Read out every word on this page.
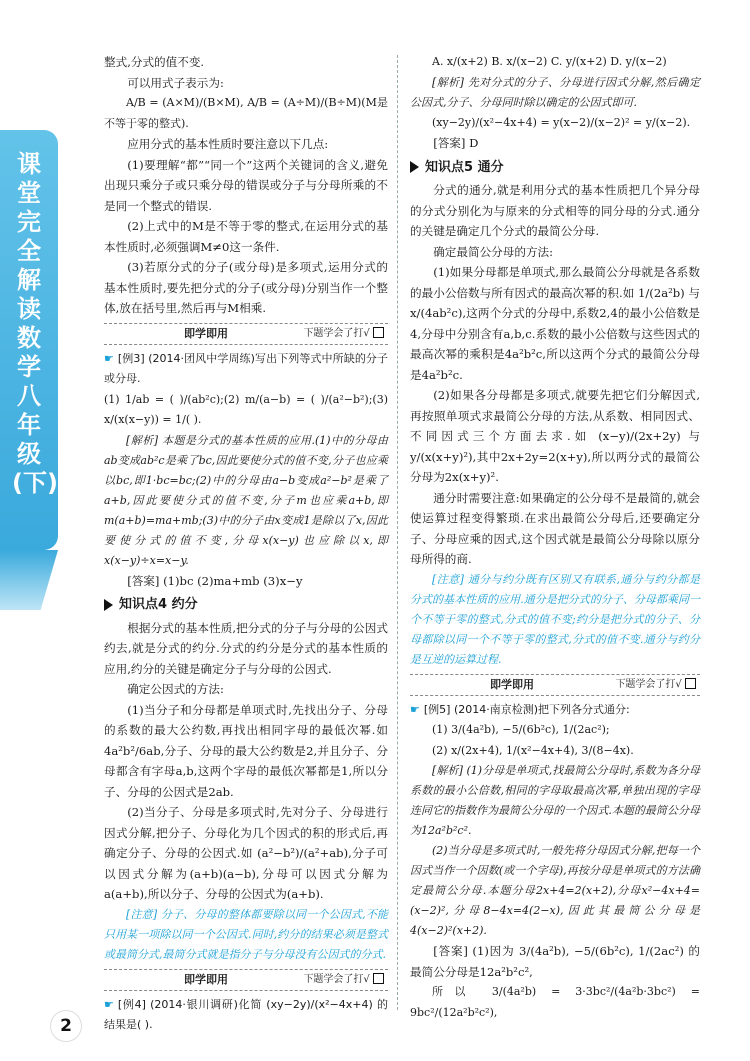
课堂完全解读 数学 八年级(下)
2

整式,分式的值不变.

可以用式子表示为:

A/B = (A×M)/(B×M), A/B = (A÷M)/(B÷M)(M是不等于零的整式).

应用分式的基本性质时要注意以下几点:

(1)要理解“都”“同一个”这两个关键词的含义,避免出现只乘分子或只乘分母的错误或分子与分母所乘的不是同一个整式的错误.

(2)上式中的M是不等于零的整式,在运用分式的基本性质时,必须强调M≠0这一条件.

(3)若原分式的分子(或分母)是多项式,运用分式的基本性质时,要先把分式的分子(或分母)分别当作一个整体,放在括号里,然后再与M相乘.

即学即用	下题学会了打√

☛ [例3] (2014·团风中学周练)写出下列等式中所缺的分子或分母.

(1) 1/ab = ( )/(ab²c);(2) m/(a−b) = ( )/(a²−b²);(3) x/(x(x−y)) = 1/( ).

[解析] 本题是分式的基本性质的应用.(1)中的分母由ab变成ab²c是乘了bc,因此要使分式的值不变,分子也应乘以bc,即1·bc=bc;(2)中的分母由a−b变成a²−b²是乘了a+b,因此要使分式的值不变,分子m也应乘a+b,即m(a+b)=ma+mb;(3)中的分子由x变成1是除以了x,因此要使分式的值不变,分母x(x−y)也应除以x,即x(x−y)÷x=x−y.

[答案] (1)bc (2)ma+mb (3)x−y

知识点4 约分

根据分式的基本性质,把分式的分子与分母的公因式约去,就是分式的约分.分式的约分是分式的基本性质的应用,约分的关键是确定分子与分母的公因式.

确定公因式的方法:

(1)当分子和分母都是单项式时,先找出分子、分母的系数的最大公约数,再找出相同字母的最低次幂.如 4a²b²/6ab,分子、分母的最大公约数是2,并且分子、分母都含有字母a,b,这两个字母的最低次幂都是1,所以分子、分母的公因式是2ab.

(2)当分子、分母是多项式时,先对分子、分母进行因式分解,把分子、分母化为几个因式的积的形式后,再确定分子、分母的公因式.如 (a²−b²)/(a²+ab),分子可以因式分解为(a+b)(a−b),分母可以因式分解为a(a+b),所以分子、分母的公因式为(a+b).

[注意] 分子、分母的整体都要除以同一个公因式,不能只用某一项除以同一个公因式.同时,约分的结果必须是整式或最简分式,最简分式就是指分子与分母没有公因式的分式.

即学即用	下题学会了打√

☛ [例4] (2014·银川调研)化简 (xy−2y)/(x²−4x+4) 的结果是( ).

A. x/(x+2) B. x/(x−2) C. y/(x+2) D. y/(x−2)

[解析] 先对分式的分子、分母进行因式分解,然后确定公因式,分子、分母同时除以确定的公因式即可.

(xy−2y)/(x²−4x+4) = y(x−2)/(x−2)² = y/(x−2).

[答案] D

知识点5 通分

分式的通分,就是利用分式的基本性质把几个异分母的分式分别化为与原来的分式相等的同分母的分式.通分的关键是确定几个分式的最简公分母.

确定最简公分母的方法:

(1)如果分母都是单项式,那么最简公分母就是各系数的最小公倍数与所有因式的最高次幂的积.如 1/(2a²b) 与 x/(4ab²c),这两个分式的分母中,系数2,4的最小公倍数是4,分母中分别含有a,b,c.系数的最小公倍数与这些因式的最高次幂的乘积是4a²b²c,所以这两个分式的最简公分母是4a²b²c.

(2)如果各分母都是多项式,就要先把它们分解因式,再按照单项式求最简公分母的方法,从系数、相同因式、不同因式三个方面去求.如 (x−y)/(2x+2y) 与 y/(x(x+y)²),其中2x+2y=2(x+y),所以两分式的最简公分母为2x(x+y)².

通分时需要注意:如果确定的公分母不是最简的,就会使运算过程变得繁琐.在求出最简公分母后,还要确定分子、分母应乘的因式,这个因式就是最简公分母除以原分母所得的商.

[注意] 通分与约分既有区别又有联系,通分与约分都是分式的基本性质的应用.通分是把分式的分子、分母都乘同一个不等于零的整式,分式的值不变;约分是把分式的分子、分母都除以同一个不等于零的整式,分式的值不变.通分与约分是互逆的运算过程.

即学即用	下题学会了打√

☛ [例5] (2014·南京检测)把下列各分式通分:

(1) 3/(4a²b), −5/(6b²c), 1/(2ac²);

(2) x/(2x+4), 1/(x²−4x+4), 3/(8−4x).

[解析] (1)分母是单项式,找最简公分母时,系数为各分母系数的最小公倍数,相同的字母取最高次幂,单独出现的字母连同它的指数作为最简公分母的一个因式.本题的最简公分母为12a²b²c².

(2)当分母是多项式时,一般先将分母因式分解,把每一个因式当作一个因数(或一个字母),再按分母是单项式的方法确定最简公分母.本题分母2x+4=2(x+2),分母x²−4x+4=(x−2)²,分母8−4x=4(2−x),因此其最简公分母是4(x−2)²(x+2).

[答案] (1)因为 3/(4a²b), −5/(6b²c), 1/(2ac²) 的最简公分母是12a²b²c²,

所以 3/(4a²b) = 3·3bc²/(4a²b·3bc²) = 9bc²/(12a²b²c²),
